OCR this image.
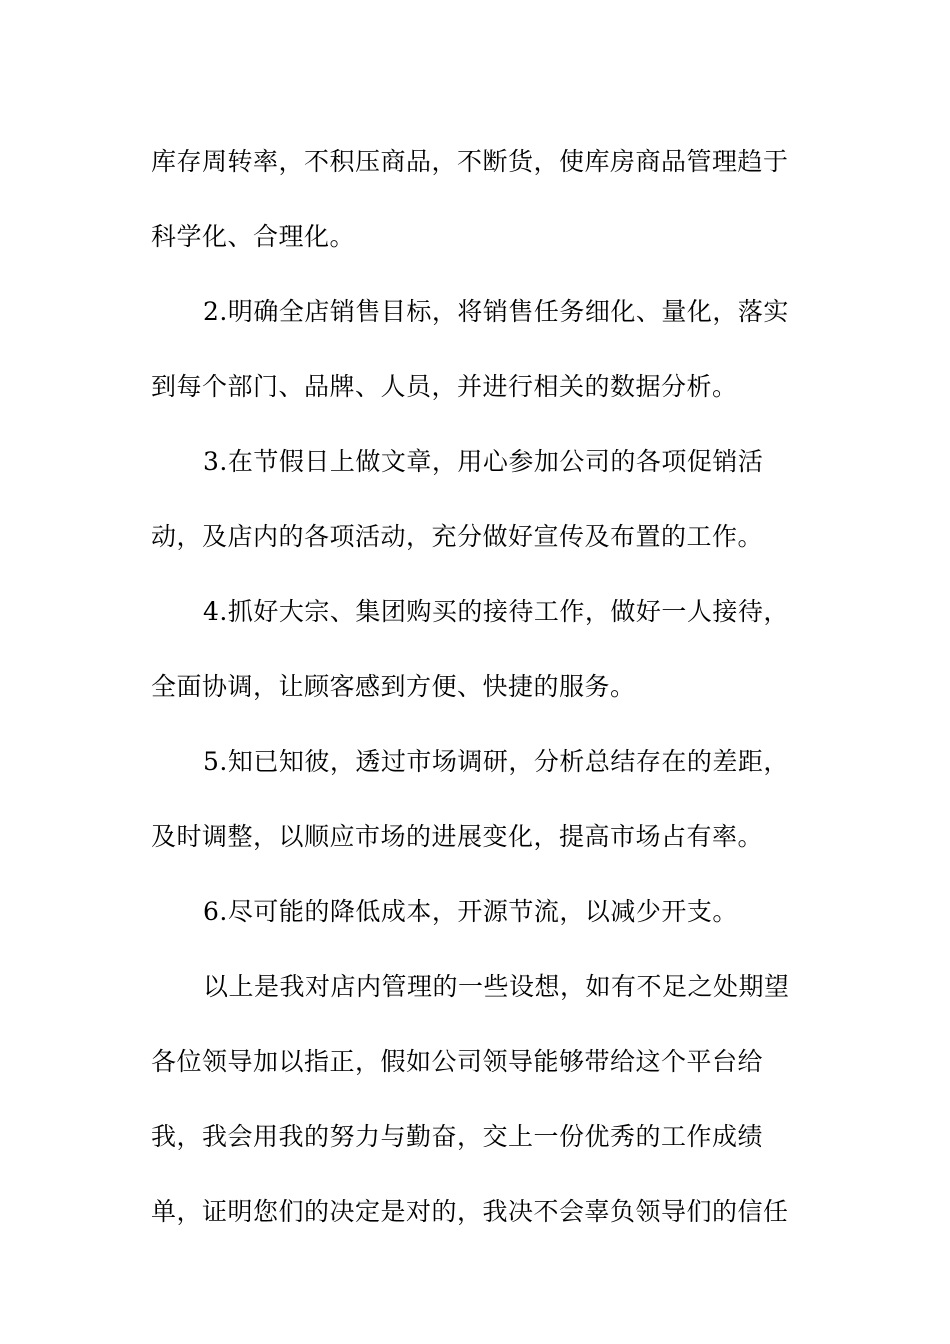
库存周转率，不积压商品，不断货，使库房商品管理趋于
科学化、合理化。
2.明确全店销售目标，将销售任务细化、量化，落实
到每个部门、品牌、人员，并进行相关的数据分析。
3.在节假日上做文章，用心参加公司的各项促销活
动，及店内的各项活动，充分做好宣传及布置的工作。
4.抓好大宗、集团购买的接待工作，做好一人接待，
全面协调，让顾客感到方便、快捷的服务。
5.知已知彼，透过市场调研，分析总结存在的差距，
及时调整，以顺应市场的进展变化，提高市场占有率。
6.尽可能的降低成本，开源节流，以减少开支。
以上是我对店内管理的一些设想，如有不足之处期望
各位领导加以指正，假如公司领导能够带给这个平台给
我，我会用我的努力与勤奋，交上一份优秀的工作成绩
单，证明您们的决定是对的，我决不会辜负领导们的信任
